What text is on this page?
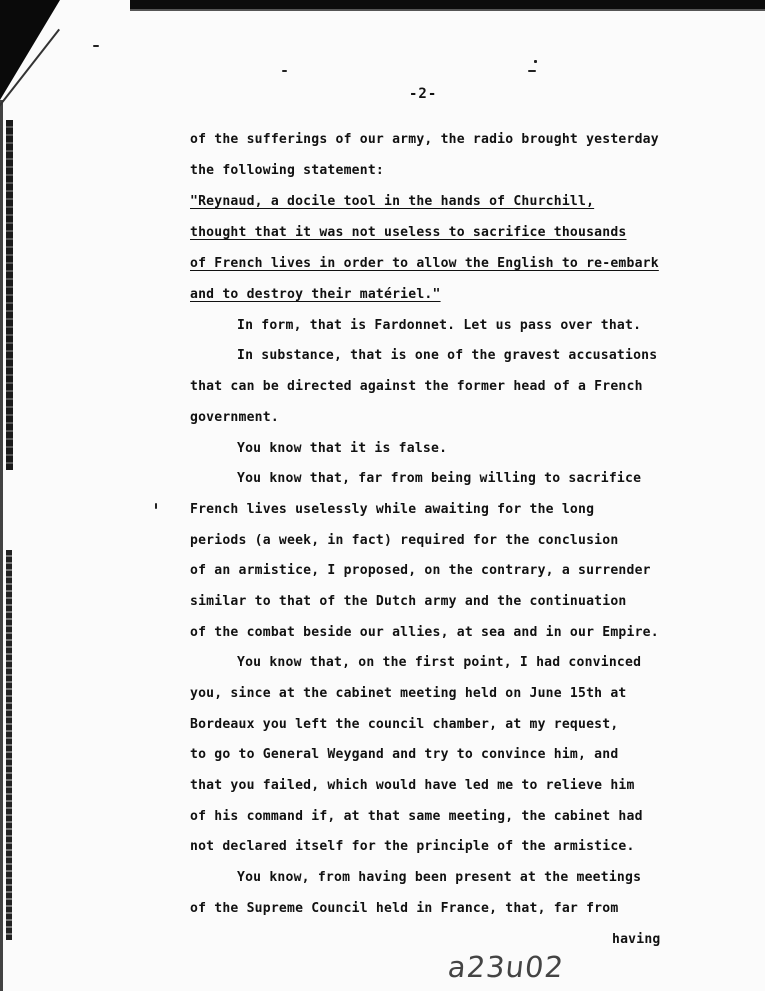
-2-
of the sufferings of our army, the radio brought yesterday
the following statement:
"Reynaud, a docile tool in the hands of Churchill,
thought that it was not useless to sacrifice thousands
of French lives in order to allow the English to re-embark
and to destroy their matériel."
In form, that is Fardonnet. Let us pass over that.
In substance, that is one of the gravest accusations
that can be directed against the former head of a French
government.
You know that it is false.
You know that, far from being willing to sacrifice
French lives uselessly while awaiting for the long
periods (a week, in fact) required for the conclusion
of an armistice, I proposed, on the contrary, a surrender
similar to that of the Dutch army and the continuation
of the combat beside our allies, at sea and in our Empire.
You know that, on the first point, I had convinced
you, since at the cabinet meeting held on June 15th at
Bordeaux you left the council chamber, at my request,
to go to General Weygand and try to convince him, and
that you failed, which would have led me to relieve him
of his command if, at that same meeting, the cabinet had
not declared itself for the principle of the armistice.
You know, from having been present at the meetings
of the Supreme Council held in France, that, far from
having
a23u02
